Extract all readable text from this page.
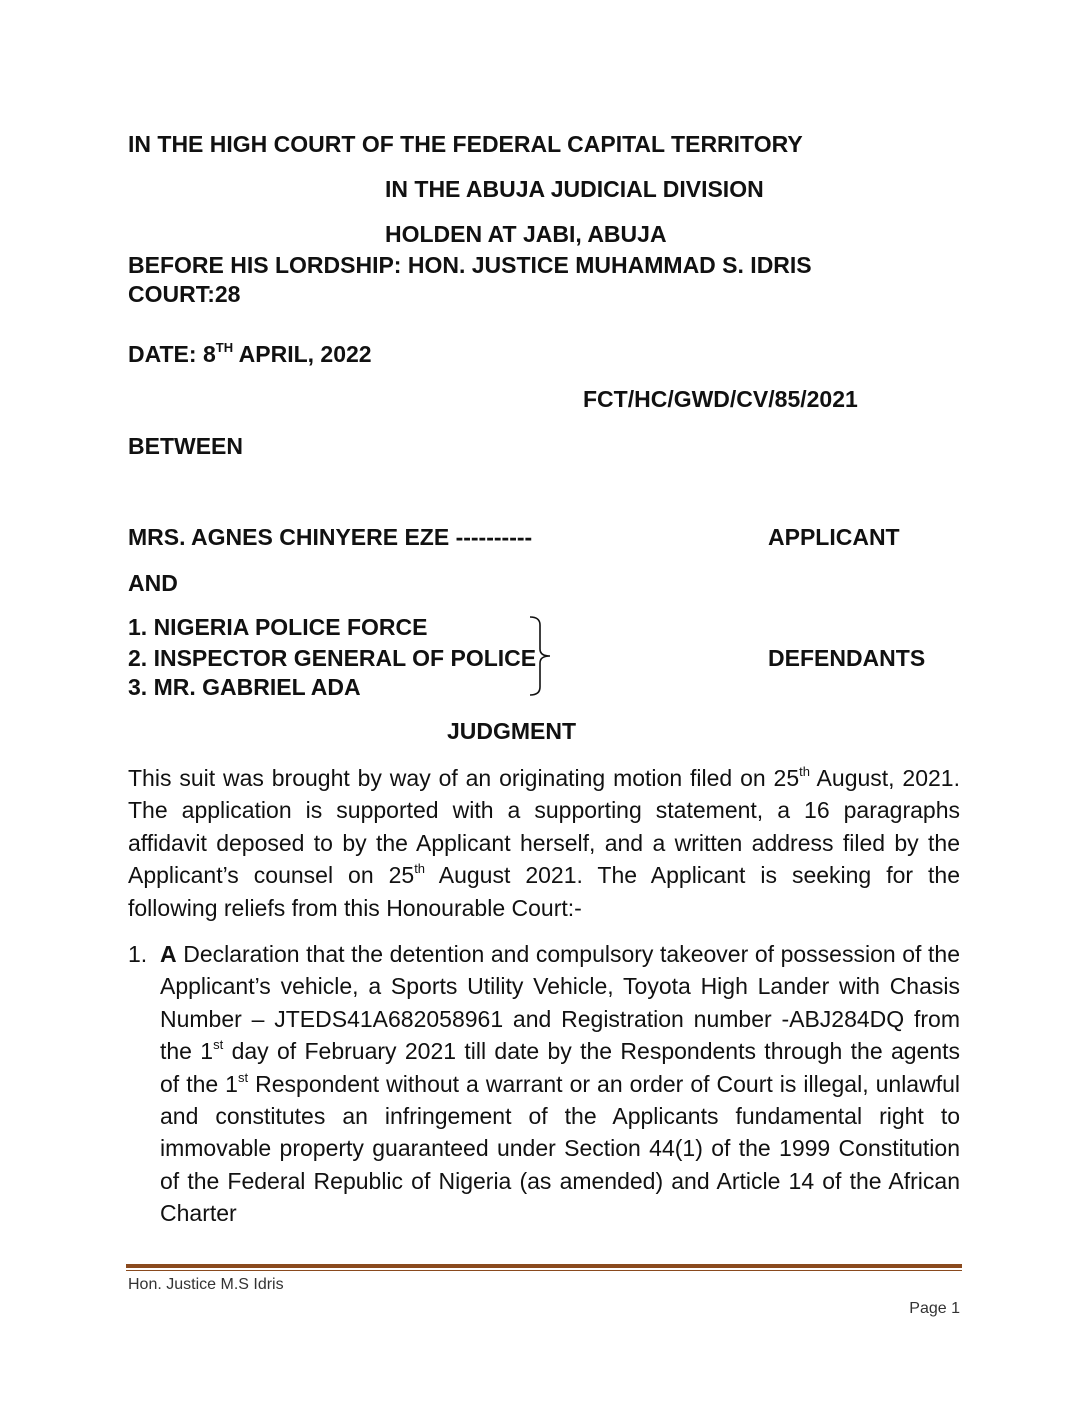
IN THE HIGH COURT OF THE FEDERAL CAPITAL TERRITORY
IN THE ABUJA JUDICIAL DIVISION
HOLDEN AT JABI, ABUJA
BEFORE HIS LORDSHIP: HON. JUSTICE MUHAMMAD S. IDRIS
COURT:28
DATE: 8TH APRIL, 2022
FCT/HC/GWD/CV/85/2021
BETWEEN
MRS. AGNES CHINYERE EZE ----------	APPLICANT
AND
1. NIGERIA POLICE FORCE
2. INSPECTOR GENERAL OF POLICE
3. MR. GABRIEL ADA
DEFENDANTS
JUDGMENT
This suit was brought by way of an originating motion filed on 25th August, 2021. The application is supported with a supporting statement, a 16 paragraphs affidavit deposed to by the Applicant herself, and a written address filed by the Applicant’s counsel on 25th August 2021. The Applicant is seeking for the following reliefs from this Honourable Court:-
1. A Declaration that the detention and compulsory takeover of possession of the Applicant’s vehicle, a Sports Utility Vehicle, Toyota High Lander with Chasis Number – JTEDS41A682058961 and Registration number -ABJ284DQ from the 1st day of February 2021 till date by the Respondents through the agents of the 1st Respondent without a warrant or an order of Court is illegal, unlawful and constitutes an infringement of the Applicants fundamental right to immovable property guaranteed under Section 44(1) of the 1999 Constitution of the Federal Republic of Nigeria (as amended) and Article 14 of the African Charter
Hon. Justice M.S Idris
Page 1
